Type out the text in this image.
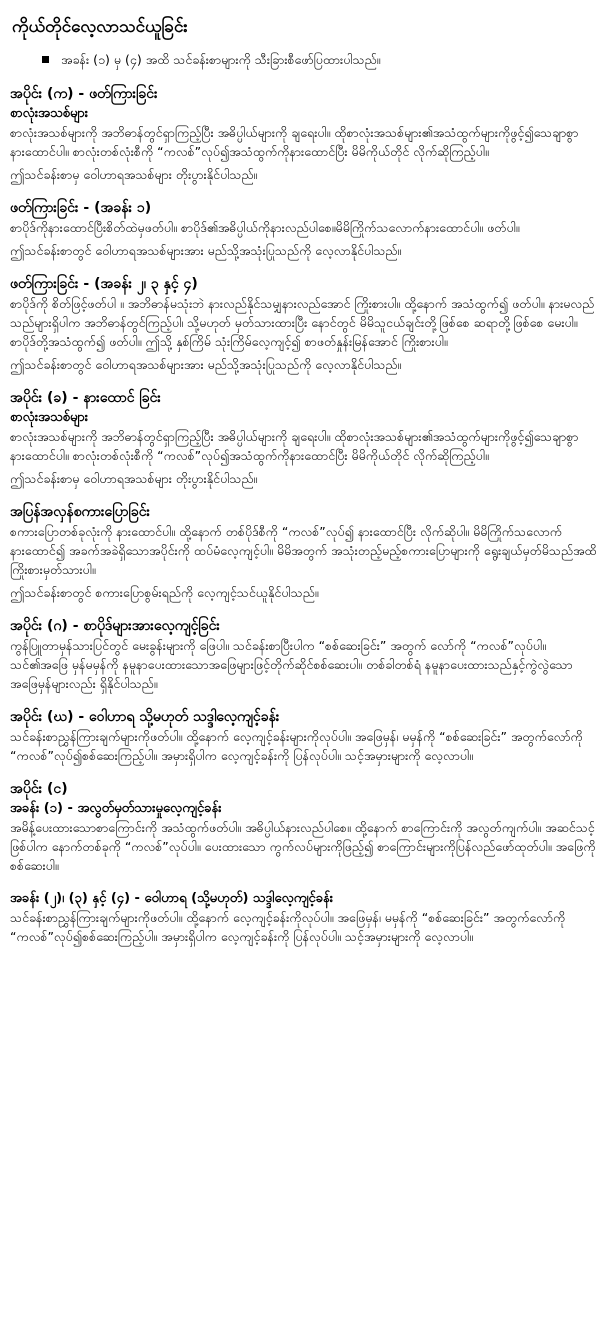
ကိုယ်တိုင်လေ့လာသင်ယူခြင်း
အခန်း (၁) မှ (၄) အထိ သင်ခန်းစာများကို သီးခြားစီဖော်ပြထားပါသည်။
အပိုင်း (က) - ဖတ်ကြားခြင်း
စာလုံးအသစ်များ
စာလုံးအသစ်များကို အဘိဓာန်တွင်ရှာကြည့်ပြီး အဓိပ္ပါယ်များကို ချရေးပါ။ ထိုစာလုံးအသစ်များ၏အသံထွက်များကိုဖွင့်၍သေချာစွာနားထောင်ပါ။ စာလုံးတစ်လုံးစီကို “ကလစ်”လုပ်၍အသံထွက်ကိုနားထောင်ပြီး မိမိကိုယ်တိုင် လိုက်ဆိုကြည့်ပါ။
ဤသင်ခန်းစာမှ ဝေါဟာရအသစ်များ တိုးပွားနိုင်ပါသည်။
ဖတ်ကြားခြင်း - (အခန်း ၁)
စာပိုဒ်ကိုနားထောင်ပြီးစိတ်ထဲမှဖတ်ပါ။ စာပိုဒ်၏အဓိပ္ပါယ်ကိုနားလည်ပါစေ။မိမိကြိုက်သလောက်နားထောင်ပါ။ ဖတ်ပါ။
ဤသင်ခန်းစာတွင် ဝေါဟာရအသစ်များအား မည်သို့အသုံးပြုသည်ကို လေ့လာနိုင်ပါသည်။
ဖတ်ကြားခြင်း - (အခန်း ၂၊ ၃ နှင့် ၄)
စာပိုဒ်ကို စိတ်ဖြင့်ဖတ်ပါ ။ အဘိဓာန်မသုံးဘဲ နားလည်နိုင်သမျှနားလည်အောင် ကြိုးစားပါ။ ထို့နောက် အသံထွက်၍ ဖတ်ပါ။ နားမလည်သည်များရှိပါက အဘိဓာန်တွင်ကြည့်ပါ၊ သို့မဟုတ် မှတ်သားထားပြီး နောင်တွင် မိမိသူငယ်ချင်းတို့ဖြစ်စေ ဆရာတို့ဖြစ်စေ မေးပါ။ စာပိုဒ်တို့အသံထွက်၍ ဖတ်ပါ။ ဤသို့ နှစ်ကြိမ် သုံးကြိမ်လေ့ကျင့်၍ စာဖတ်နှုန်းမြန်အောင် ကြိုးစားပါ။
ဤသင်ခန်းစာတွင် ဝေါဟာရအသစ်များအား မည်သို့အသုံးပြုသည်ကို လေ့လာနိုင်ပါသည်။
အပိုင်း (ခ) - နားထောင် ခြင်း
စာလုံးအသစ်များ
စာလုံးအသစ်များကို အဘိဓာန်တွင်ရှာကြည့်ပြီး အဓိပ္ပါယ်များကို ချရေးပါ။ ထိုစာလုံးအသစ်များ၏အသံထွက်များကိုဖွင့်၍သေချာစွာနားထောင်ပါ။ စာလုံးတစ်လုံးစီကို “ကလစ်”လုပ်၍အသံထွက်ကိုနားထောင်ပြီး မိမိကိုယ်တိုင် လိုက်ဆိုကြည့်ပါ။
ဤသင်ခန်းစာမှ ဝေါဟာရအသစ်များ တိုးပွားနိုင်ပါသည်။
အပြန်အလှန်စကားပြောခြင်း
စကားပြောတစ်ခုလုံးကို နားထောင်ပါ။ ထို့နောက် တစ်ပိုဒ်စီကို “ကလစ်”လုပ်၍ နားထောင်ပြီး လိုက်ဆိုပါ။ မိမိကြိုက်သလောက်နားထောင်၍ အခက်အခဲရှိသောအပိုင်းကို ထပ်မံလေ့ကျင့်ပါ။ မိမိအတွက် အသုံးတည့်မည့်စကားပြောများကို ရွေးချယ်မှတ်မိသည်အထိ ကြိုးစားမှတ်သားပါ။
ဤသင်ခန်းစာတွင် စကားပြောစွမ်းရည်ကို လေ့ကျင့်သင်ယူနိုင်ပါသည်။
အပိုင်း (ဂ) - စာပိုဒ်များအားလေ့ကျင့်ခြင်း
ကွန်ပြူတာမှန်သားပြင်တွင် မေးခွန်းများကို ဖြေပါ။ သင်ခန်းစာပြီးပါက “စစ်ဆေးခြင်း” အတွက် လော်ကို “ကလစ်”လုပ်ပါ။ သင်၏အဖြေ မှန်မမှန်ကို နမူနာပေးထားသောအဖြေများဖြင့်တိုက်ဆိုင်စစ်ဆေးပါ။ တစ်ခါတစ်ရံ နမူနာပေးထားသည်နှင့်ကွဲလွဲသော အဖြေမှန်များလည်း ရှိနိုင်ပါသည်။
အပိုင်း (ဃ) - ဝေါဟာရ သို့မဟုတ် သဒ္ဒါလေ့ကျင့်ခန်း
သင်ခန်းစာညွှန်ကြားချက်များကိုဖတ်ပါ။ ထို့နောက် လေ့ကျင့်ခန်းများကိုလုပ်ပါ။ အဖြေမှန်၊ မမှန်ကို “စစ်ဆေးခြင်း” အတွက်လော်ကို “ကလစ်”လုပ်၍စစ်ဆေးကြည့်ပါ။ အမှားရှိပါက လေ့ကျင့်ခန်းကို ပြန်လုပ်ပါ။ သင့်အမှားများကို လေ့လာပါ။
အပိုင်း (င)
အခန်း (၁) - အလွတ်မှတ်သားမှုလေ့ကျင့်ခန်း
အမိန့်ပေးထားသောစာကြောင်းကို အသံထွက်ဖတ်ပါ။ အဓိပ္ပါယ်နားလည်ပါစေ။ ထို့နောက် စာကြောင်းကို အလွတ်ကျက်ပါ။ အဆင်သင့်ဖြစ်ပါက နောက်တစ်ခုကို “ကလစ်”လုပ်ပါ။ ပေးထားသော ကွက်လပ်များကိုဖြည့်၍ စာကြောင်းများကိုပြန်လည်ဖော်ထုတ်ပါ။ အဖြေကို စစ်ဆေးပါ။
အခန်း (၂)၊ (၃) နှင့် (၄) - ဝေါဟာရ (သို့မဟုတ်) သဒ္ဒါလေ့ကျင့်ခန်း
သင်ခန်းစာညွှန်ကြားချက်များကိုဖတ်ပါ။ ထို့နောက် လေ့ကျင့်ခန်းကိုလုပ်ပါ။ အဖြေမှန်၊ မမှန်ကို “စစ်ဆေးခြင်း” အတွက်လော်ကို “ကလစ်”လုပ်၍စစ်ဆေးကြည့်ပါ။ အမှားရှိပါက လေ့ကျင့်ခန်းကို ပြန်လုပ်ပါ။ သင့်အမှားများကို လေ့လာပါ။
